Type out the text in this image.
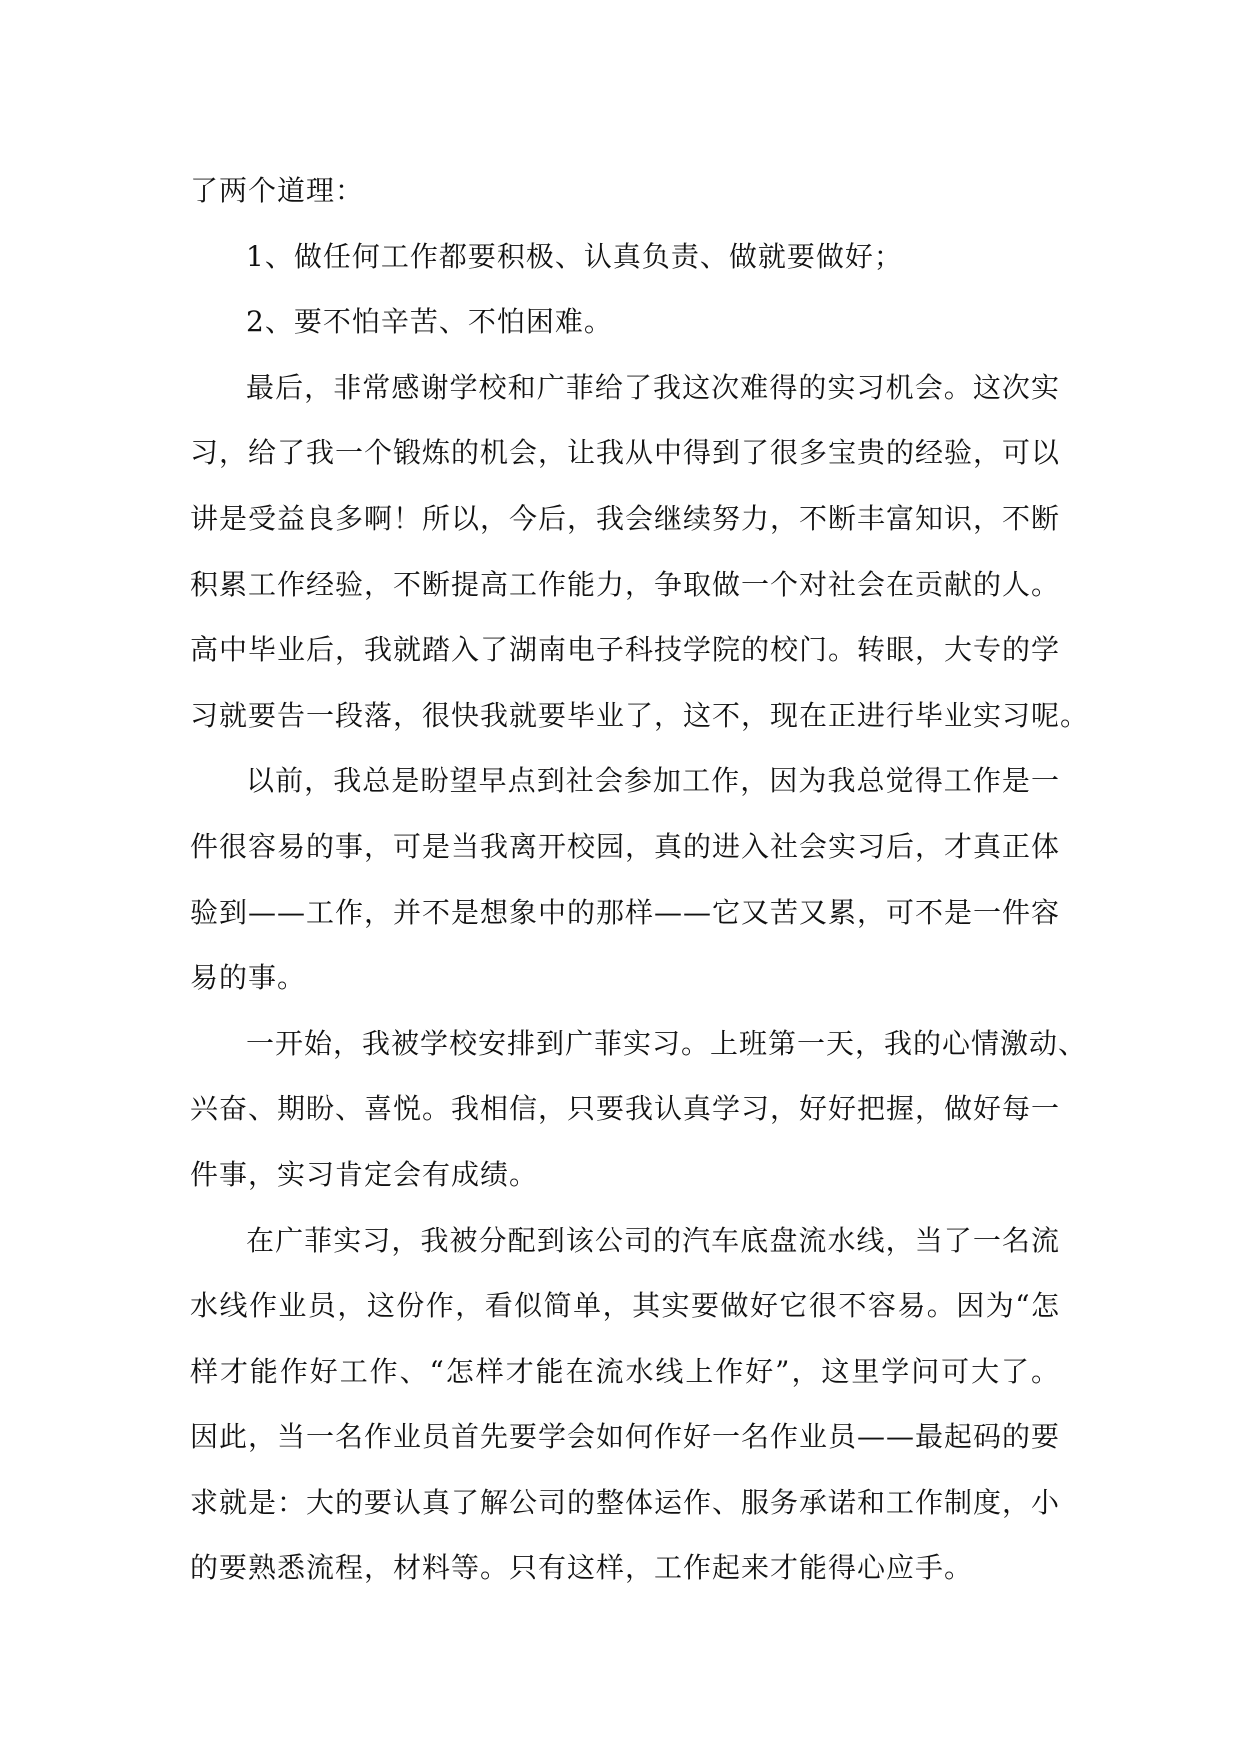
了两个道理：
1、做任何工作都要积极、认真负责、做就要做好；
2、要不怕辛苦、不怕困难。
最后，非常感谢学校和广菲给了我这次难得的实习机会。这次实
习，给了我一个锻炼的机会，让我从中得到了很多宝贵的经验，可以
讲是受益良多啊！所以，今后，我会继续努力，不断丰富知识，不断
积累工作经验，不断提高工作能力，争取做一个对社会在贡献的人。
高中毕业后，我就踏入了湖南电子科技学院的校门。转眼，大专的学
习就要告一段落，很快我就要毕业了，这不，现在正进行毕业实习呢。
以前，我总是盼望早点到社会参加工作，因为我总觉得工作是一
件很容易的事，可是当我离开校园，真的进入社会实习后，才真正体
验到——工作，并不是想象中的那样——它又苦又累，可不是一件容
易的事。
一开始，我被学校安排到广菲实习。上班第一天，我的心情激动、
兴奋、期盼、喜悦。我相信，只要我认真学习，好好把握，做好每一
件事，实习肯定会有成绩。
在广菲实习，我被分配到该公司的汽车底盘流水线，当了一名流
水线作业员，这份作，看似简单，其实要做好它很不容易。因为“怎
样才能作好工作、“怎样才能在流水线上作好”，这里学问可大了。
因此，当一名作业员首先要学会如何作好一名作业员——最起码的要
求就是：大的要认真了解公司的整体运作、服务承诺和工作制度，小
的要熟悉流程，材料等。只有这样，工作起来才能得心应手。
